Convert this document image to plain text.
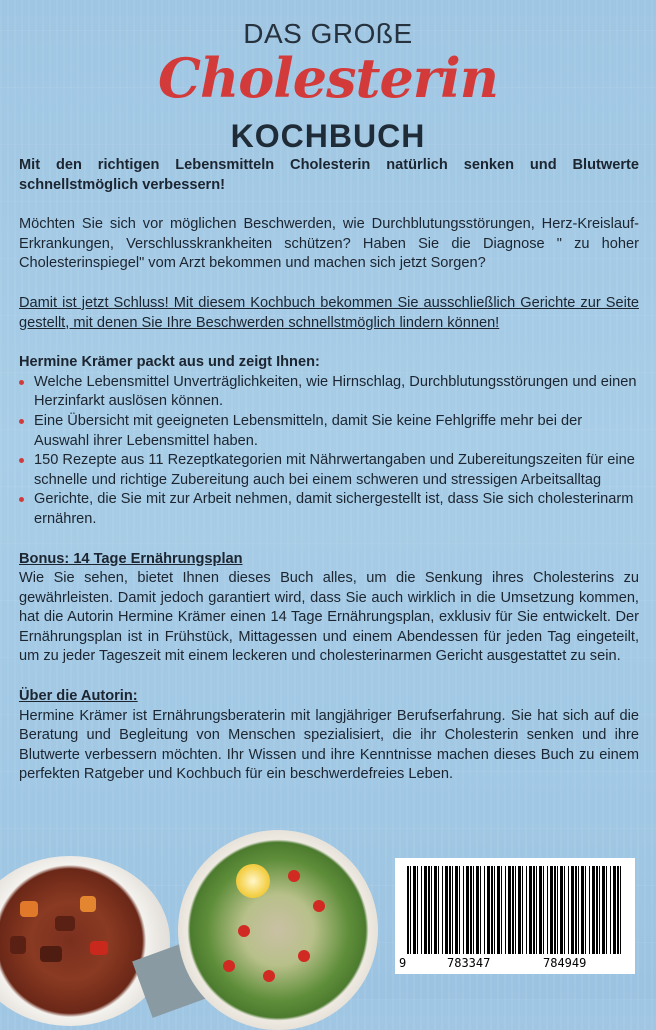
DAS GROßE
Cholesterin
KOCHBUCH

Mit den richtigen Lebensmitteln Cholesterin natürlich senken und Blutwerte schnellstmöglich verbessern!

Möchten Sie sich vor möglichen Beschwerden, wie Durchblutungsstörungen, Herz-Kreislauf-Erkrankungen, Verschlusskrankheiten schützen? Haben Sie die Diagnose " zu hoher Cholesterinspiegel" vom Arzt bekommen und machen sich jetzt Sorgen?

Damit ist jetzt Schluss! Mit diesem Kochbuch bekommen Sie ausschließlich Gerichte zur Seite gestellt, mit denen Sie Ihre Beschwerden schnellstmöglich lindern können!

Hermine Krämer packt aus und zeigt Ihnen:

Welche Lebensmittel Unverträglichkeiten, wie Hirnschlag, Durchblutungsstörungen und einen Herzinfarkt auslösen können.
Eine Übersicht mit geeigneten Lebensmitteln, damit Sie keine Fehlgriffe mehr bei der Auswahl ihrer Lebensmittel haben.
150 Rezepte aus 11 Rezeptkategorien mit Nährwertangaben und Zubereitungszeiten für eine schnelle und richtige Zubereitung auch bei einem schweren und stressigen Arbeitsalltag
Gerichte, die Sie mit zur Arbeit nehmen, damit sichergestellt ist, dass Sie sich cholesterinarm ernähren.

Bonus: 14 Tage Ernährungsplan

Wie Sie sehen, bietet Ihnen dieses Buch alles, um die Senkung ihres Cholesterins zu gewährleisten. Damit jedoch garantiert wird, dass Sie auch wirklich in die Umsetzung kommen, hat die Autorin Hermine Krämer einen 14 Tage Ernährungsplan, exklusiv für Sie entwickelt. Der Ernährungsplan ist in Frühstück, Mittagessen und einem Abendessen für jeden Tag eingeteilt, um zu jeder Tageszeit mit einem leckeren und cholesterinarmen Gericht ausgestattet zu sein.

Über die Autorin:

Hermine Krämer ist Ernährungsberaterin mit langjähriger Berufserfahrung. Sie hat sich auf die Beratung und Begleitung von Menschen spezialisiert, die ihr Cholesterin senken und ihre Blutwerte verbessern möchten. Ihr Wissen und ihre Kenntnisse machen dieses Buch zu einem perfekten Ratgeber und Kochbuch für ein beschwerdefreies Leben.

9	783347	784949
